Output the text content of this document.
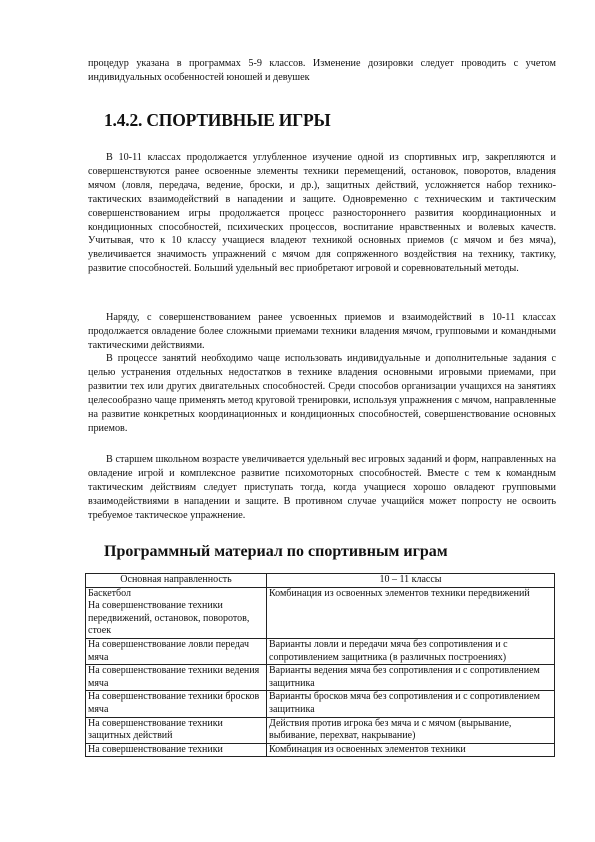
процедур указана в программах 5-9 классов. Изменение дозировки следует проводить с учетом индивидуальных особенностей юношей и девушек

1.4.2. СПОРТИВНЫЕ ИГРЫ

В 10-11 классах продолжается углубленное изучение одной из спортивных игр, закрепляются и совершенствуются ранее освоенные элементы техники перемещений, остановок, поворотов, владения мячом (ловля, передача, ведение, броски, и др.), защитных действий, усложняется набор технико-тактических взаимодействий в нападении и защите. Одновременно с техническим и тактическим совершенствованием игры продолжается процесс разностороннего развития координационных и кондиционных способностей, психических процессов, воспитание нравственных и волевых качеств. Учитывая, что к 10 классу учащиеся владеют техникой основных приемов (с мячом и без мяча), увеличивается значимость упражнений с мячом для сопряженного воздействия на технику, тактику, развитие способностей. Больший удельный вес приобретают игровой и соревновательный методы.

Наряду, с совершенствованием ранее усвоенных приемов и взаимодействий в 10-11 классах продолжается овладение более сложными приемами техники владения мячом, групповыми и командными тактическими действиями.

В процессе занятий необходимо чаще использовать индивидуальные и дополнительные задания с целью устранения отдельных недостатков в технике владения основными игровыми приемами, при развитии тех или других двигательных способностей. Среди способов организации учащихся на занятиях целесообразно чаще применять метод круговой тренировки, используя упражнения с мячом, направленные на развитие конкретных координационных и кондиционных способностей, совершенствование основных приемов.

В старшем школьном возрасте увеличивается удельный вес игровых заданий и форм, направленных на овладение игрой и комплексное развитие психомоторных способностей. Вместе с тем к командным тактическим действиям следует приступать тогда, когда учащиеся хорошо овладеют групповыми взаимодействиями в нападении и защите. В противном случае учащийся может попросту не освоить требуемое тактическое упражнение.

Программный материал по спортивным играм
Основная направленность	10 – 11 классы
Баскетбол
На совершенствование техники передвижений, остановок, поворотов, стоек	Комбинация из освоенных элементов техники передвижений
На совершенствование ловли передач мяча	Варианты ловли и передачи мяча без сопротивления и с сопротивлением защитника (в различных построениях)
На совершенствование техники ведения мяча	Варианты ведения мяча без сопротивления и с сопротивлением защитника
На совершенствование техники бросков мяча	Варианты бросков мяча без сопротивления и с сопротивлением защитника
На совершенствование техники защитных действий	Действия против игрока без мяча и с мячом (вырывание, выбивание, перехват, накрывание)
На совершенствование техники	Комбинация из освоенных элементов техники
